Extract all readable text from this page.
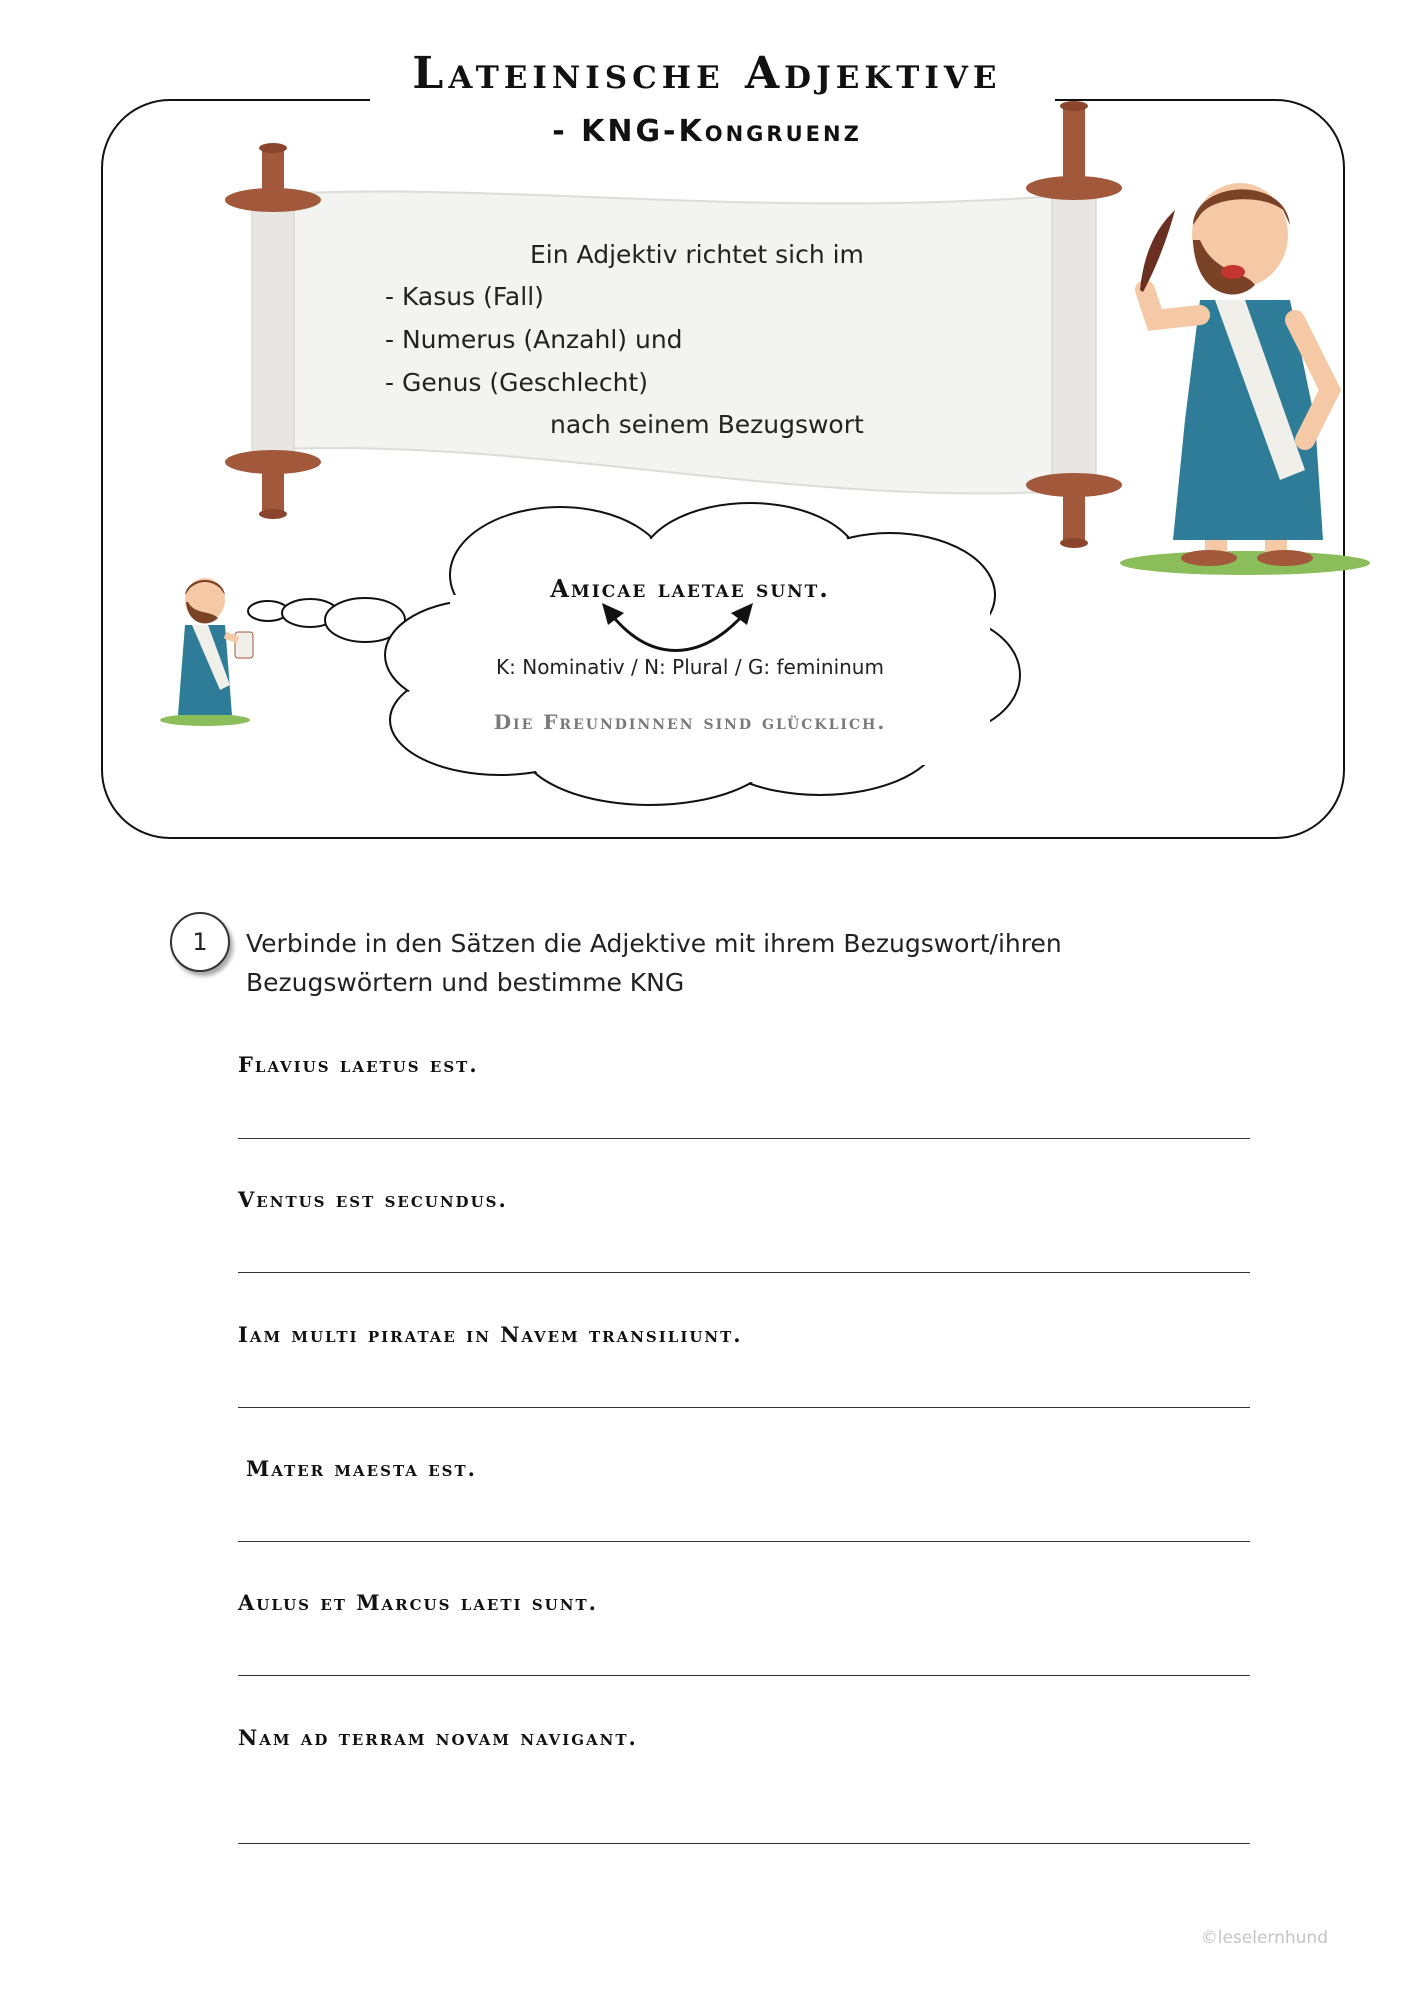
Lateinische Adjektive
- KNG-Kongruenz
Ein Adjektiv richtet sich im
- Kasus (Fall)
- Numerus (Anzahl) und
- Genus (Geschlecht)
nach seinem Bezugswort
Amicae laetae sunt.
K: Nominativ / N: Plural / G: femininum
Die Freundinnen sind glücklich.
1	Verbinde in den Sätzen die Adjektive mit ihrem Bezugswort/ihren Bezugswörtern und bestimme KNG
Flavius laetus est.
Ventus est secundus.
Iam multi piratae in Navem transiliunt.
Mater maesta est.
Aulus et Marcus laeti sunt.
Nam ad terram novam navigant.
©leselernhund
